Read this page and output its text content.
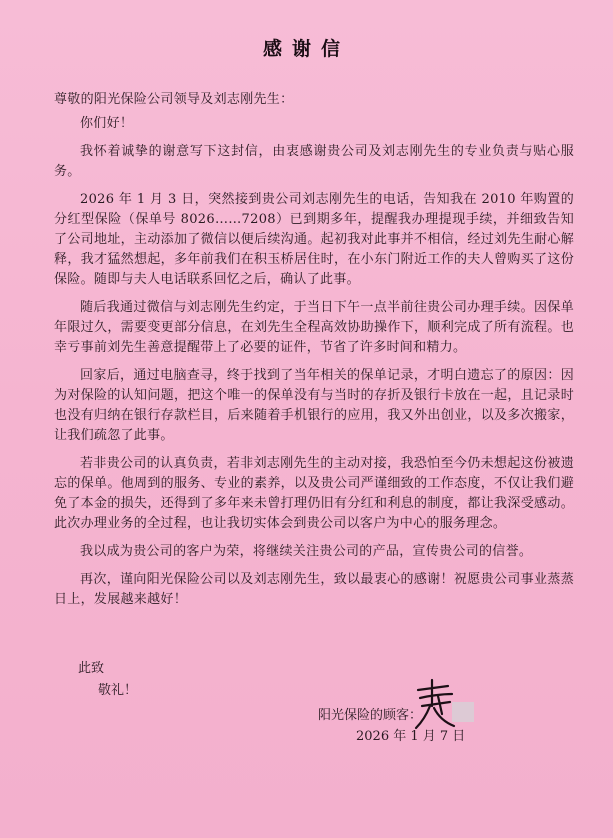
感谢信

尊敬的阳光保险公司领导及刘志刚先生：

你们好！

我怀着诚挚的谢意写下这封信，由衷感谢贵公司及刘志刚先生的专业负责与贴心服务。

2026 年 1 月 3 日，突然接到贵公司刘志刚先生的电话，告知我在 2010 年购置的分红型保险（保单号 8026……7208）已到期多年，提醒我办理提现手续，并细致告知了公司地址，主动添加了微信以便后续沟通。起初我对此事并不相信，经过刘先生耐心解释，我才猛然想起，多年前我们在积玉桥居住时，在小东门附近工作的夫人曾购买了这份保险。随即与夫人电话联系回忆之后，确认了此事。

随后我通过微信与刘志刚先生约定，于当日下午一点半前往贵公司办理手续。因保单年限过久，需要变更部分信息，在刘先生全程高效协助操作下，顺利完成了所有流程。也幸亏事前刘先生善意提醒带上了必要的证件，节省了许多时间和精力。

回家后，通过电脑查寻，终于找到了当年相关的保单记录，才明白遗忘了的原因：因为对保险的认知问题，把这个唯一的保单没有与当时的存折及银行卡放在一起，且记录时也没有归纳在银行存款栏目，后来随着手机银行的应用，我又外出创业，以及多次搬家，让我们疏忽了此事。

若非贵公司的认真负责，若非刘志刚先生的主动对接，我恐怕至今仍未想起这份被遗忘的保单。他周到的服务、专业的素养，以及贵公司严谨细致的工作态度，不仅让我们避免了本金的损失，还得到了多年来未曾打理仍旧有分红和利息的制度，都让我深受感动。此次办理业务的全过程，也让我切实体会到贵公司以客户为中心的服务理念。

我以成为贵公司的客户为荣，将继续关注贵公司的产品，宣传贵公司的信誉。

再次，谨向阳光保险公司以及刘志刚先生，致以最衷心的感谢！祝愿贵公司事业蒸蒸日上，发展越来越好！

此致
敬礼！
阳光保险的顾客：
2026 年 1 月 7 日
